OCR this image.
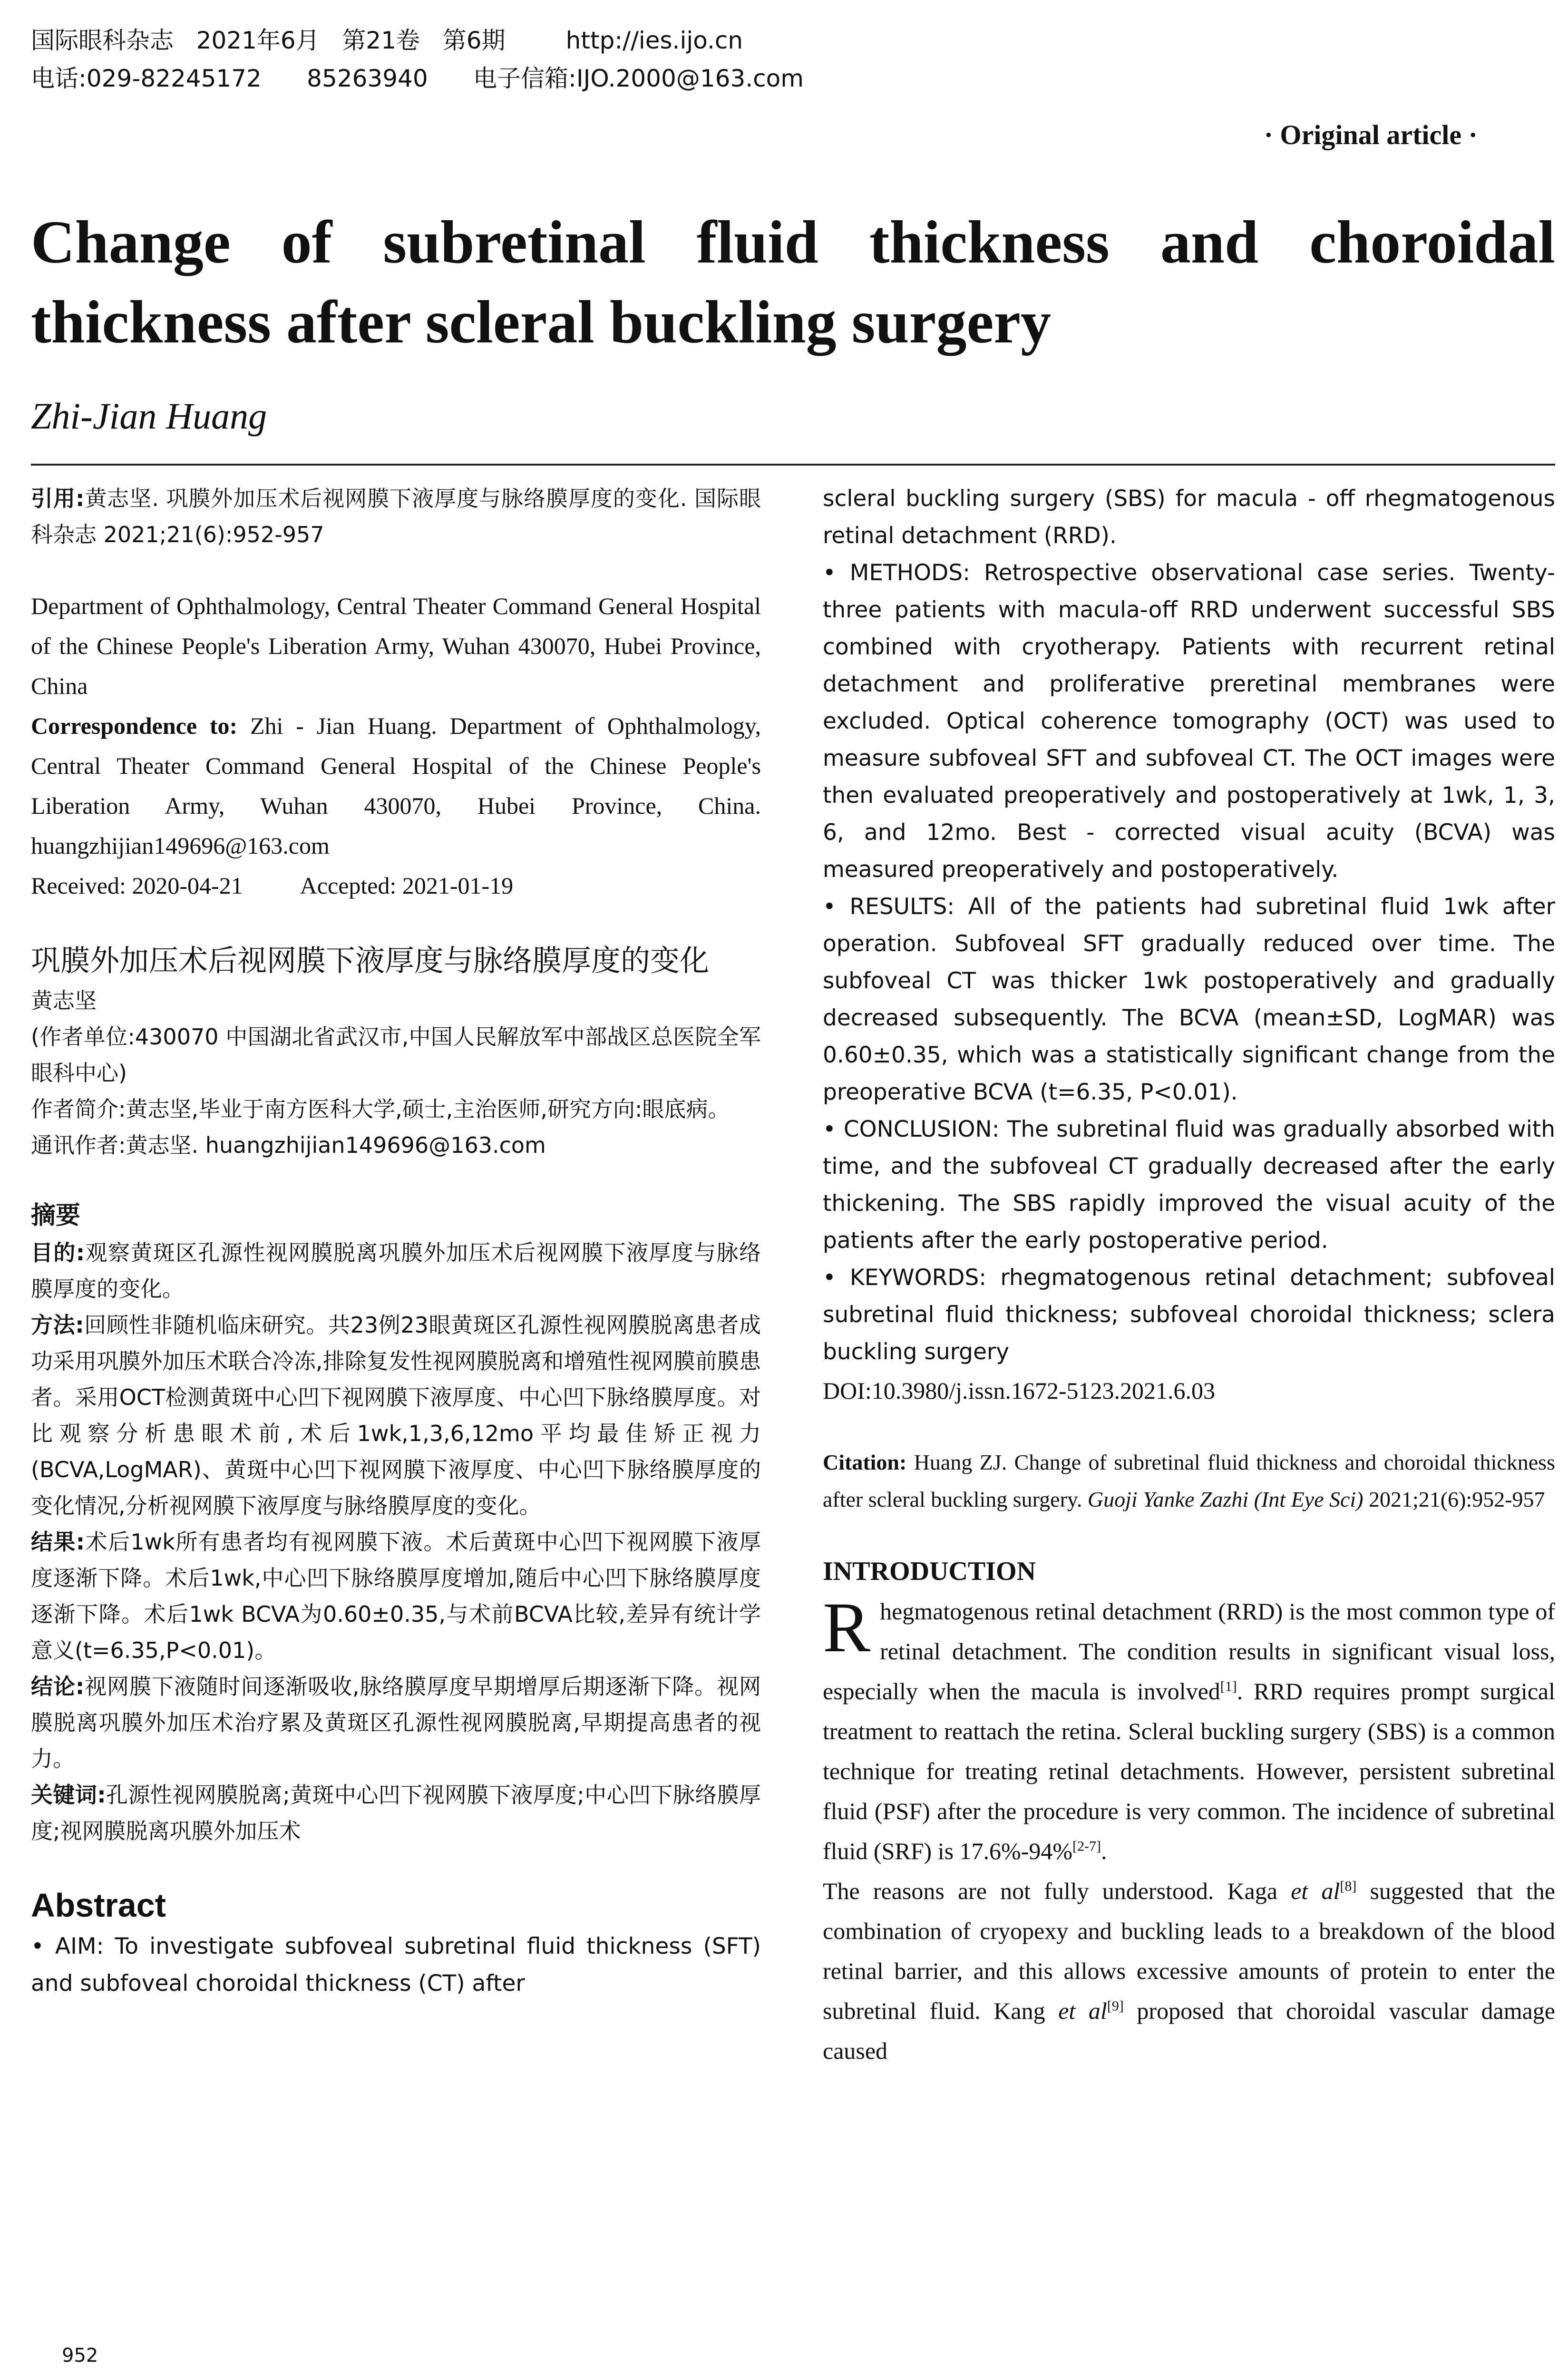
国际眼科杂志   2021年6月   第21卷   第6期        http://ies.ijo.cn
电话:029-82245172      85263940      电子信箱:IJO.2000@163.com
· Original article ·
Change of subretinal fluid thickness and choroidal thickness after scleral buckling surgery
Zhi-Jian Huang

引用:黄志坚. 巩膜外加压术后视网膜下液厚度与脉络膜厚度的变化. 国际眼科杂志 2021;21(6):952-957

Department of Ophthalmology, Central Theater Command General Hospital of the Chinese People's Liberation Army, Wuhan 430070, Hubei Province, China

Correspondence to: Zhi - Jian Huang. Department of Ophthalmology, Central Theater Command General Hospital of the Chinese People's Liberation Army, Wuhan 430070, Hubei Province, China. huangzhijian149696@163.com

Received: 2020-04-21 Accepted: 2021-01-19

巩膜外加压术后视网膜下液厚度与脉络膜厚度的变化

黄志坚

(作者单位:430070 中国湖北省武汉市,中国人民解放军中部战区总医院全军眼科中心)

作者简介:黄志坚,毕业于南方医科大学,硕士,主治医师,研究方向:眼底病。

通讯作者:黄志坚. huangzhijian149696@163.com

摘要

目的:观察黄斑区孔源性视网膜脱离巩膜外加压术后视网膜下液厚度与脉络膜厚度的变化。

方法:回顾性非随机临床研究。共23例23眼黄斑区孔源性视网膜脱离患者成功采用巩膜外加压术联合冷冻,排除复发性视网膜脱离和增殖性视网膜前膜患者。采用OCT检测黄斑中心凹下视网膜下液厚度、中心凹下脉络膜厚度。对比观察分析患眼术前,术后1wk,1,3,6,12mo平均最佳矫正视力(BCVA,LogMAR)、黄斑中心凹下视网膜下液厚度、中心凹下脉络膜厚度的变化情况,分析视网膜下液厚度与脉络膜厚度的变化。

结果:术后1wk所有患者均有视网膜下液。术后黄斑中心凹下视网膜下液厚度逐渐下降。术后1wk,中心凹下脉络膜厚度增加,随后中心凹下脉络膜厚度逐渐下降。术后1wk BCVA为0.60±0.35,与术前BCVA比较,差异有统计学意义(t=6.35,P<0.01)。

结论:视网膜下液随时间逐渐吸收,脉络膜厚度早期增厚后期逐渐下降。视网膜脱离巩膜外加压术治疗累及黄斑区孔源性视网膜脱离,早期提高患者的视力。

关键词:孔源性视网膜脱离;黄斑中心凹下视网膜下液厚度;中心凹下脉络膜厚度;视网膜脱离巩膜外加压术

Abstract

• AIM: To investigate subfoveal subretinal fluid thickness (SFT) and subfoveal choroidal thickness (CT) after

scleral buckling surgery (SBS) for macula - off rhegmatogenous retinal detachment (RRD).

• METHODS: Retrospective observational case series. Twenty-three patients with macula-off RRD underwent successful SBS combined with cryotherapy. Patients with recurrent retinal detachment and proliferative preretinal membranes were excluded. Optical coherence tomography (OCT) was used to measure subfoveal SFT and subfoveal CT. The OCT images were then evaluated preoperatively and postoperatively at 1wk, 1, 3, 6, and 12mo. Best - corrected visual acuity (BCVA) was measured preoperatively and postoperatively.

• RESULTS: All of the patients had subretinal fluid 1wk after operation. Subfoveal SFT gradually reduced over time. The subfoveal CT was thicker 1wk postoperatively and gradually decreased subsequently. The BCVA (mean±SD, LogMAR) was 0.60±0.35, which was a statistically significant change from the preoperative BCVA (t=6.35, P<0.01).

• CONCLUSION: The subretinal fluid was gradually absorbed with time, and the subfoveal CT gradually decreased after the early thickening. The SBS rapidly improved the visual acuity of the patients after the early postoperative period.

• KEYWORDS: rhegmatogenous retinal detachment; subfoveal subretinal fluid thickness; subfoveal choroidal thickness; sclera buckling surgery

DOI:10.3980/j.issn.1672-5123.2021.6.03

Citation: Huang ZJ. Change of subretinal fluid thickness and choroidal thickness after scleral buckling surgery. Guoji Yanke Zazhi (Int Eye Sci) 2021;21(6):952-957

INTRODUCTION

Rhegmatogenous retinal detachment (RRD) is the most common type of retinal detachment. The condition results in significant visual loss, especially when the macula is involved[1]. RRD requires prompt surgical treatment to reattach the retina. Scleral buckling surgery (SBS) is a common technique for treating retinal detachments. However, persistent subretinal fluid (PSF) after the procedure is very common. The incidence of subretinal fluid (SRF) is 17.6%-94%[2-7].

The reasons are not fully understood. Kaga et al[8] suggested that the combination of cryopexy and buckling leads to a breakdown of the blood retinal barrier, and this allows excessive amounts of protein to enter the subretinal fluid. Kang et al[9] proposed that choroidal vascular damage caused

952
